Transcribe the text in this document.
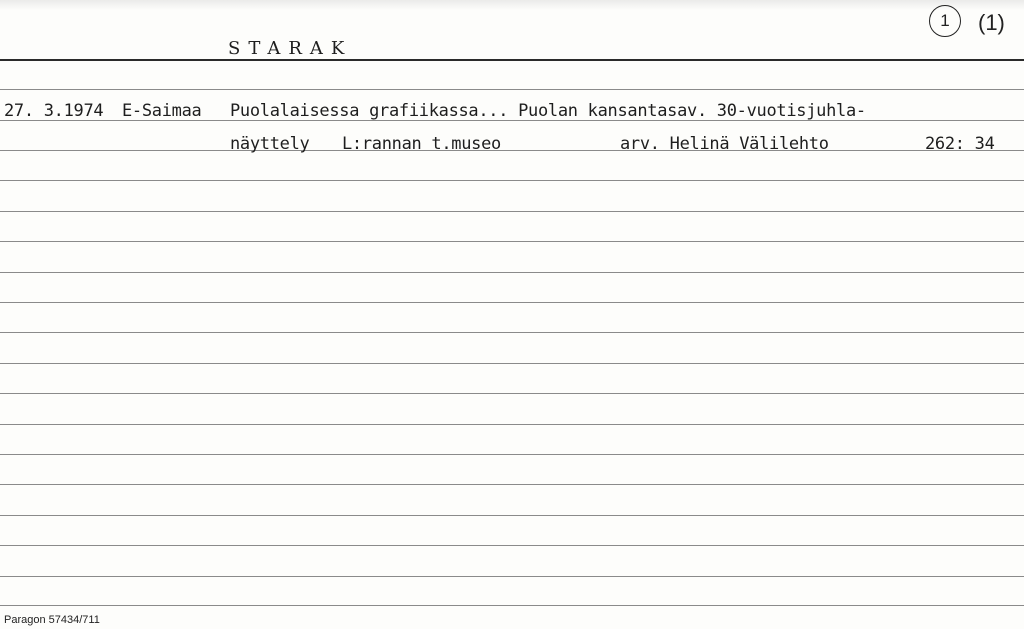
STARAK
1	(1)
27. 3.1974 E-Saimaa Puolalaisessa grafiikassa... Puolan kansantasav. 30-vuotisjuhla-
näyttely L:rannan t.museo	arv. Helinä Välilehto	262: 34
Paragon 57434/711
